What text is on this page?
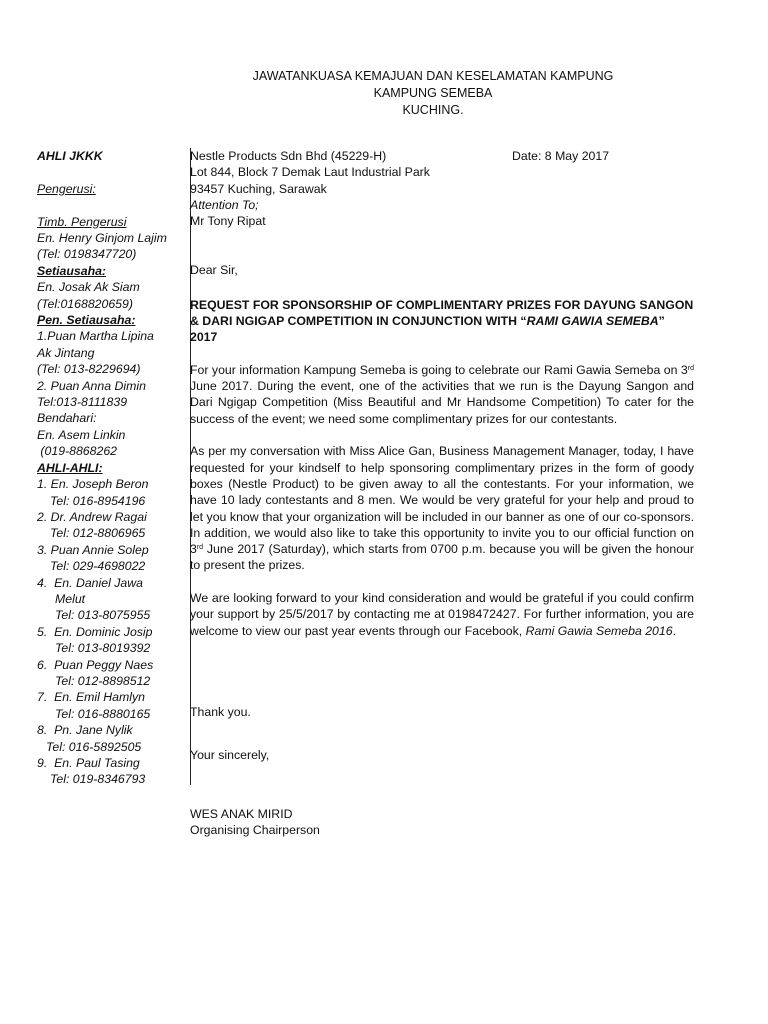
JAWATANKUASA KEMAJUAN DAN KESELAMATAN KAMPUNG
KAMPUNG SEMEBA
KUCHING.
AHLI JKKK
Pengerusi:
Timb. Pengerusi
En. Henry Ginjom Lajim
(Tel: 0198347720)
Setiausaha:
En. Josak Ak Siam
(Tel:0168820659)
Pen. Setiausaha:
1.Puan Martha Lipina
Ak Jintang
(Tel: 013-8229694)
2. Puan Anna Dimin
Tel:013-8111839
Bendahari:
En. Asem Linkin
(019-8868262
AHLI-AHLI:
1. En. Joseph Beron
Tel: 016-8954196
2. Dr. Andrew Ragai
Tel: 012-8806965
3. Puan Annie Solep
Tel: 029-4698022
4.  En. Daniel Jawa
Melut
Tel: 013-8075955
5.  En. Dominic Josip
Tel: 013-8019392
6.  Puan Peggy Naes
Tel: 012-8898512
7.  En. Emil Hamlyn
Tel: 016-8880165
8.  Pn. Jane Nylik
Tel: 016-5892505
9.  En. Paul Tasing
Tel: 019-8346793
Nestle Products Sdn Bhd (45229-H)	Date: 8 May 2017
Lot 844, Block 7 Demak Laut Industrial Park
93457 Kuching, Sarawak
Attention To;
Mr Tony Ripat
Dear Sir,
REQUEST FOR SPONSORSHIP OF COMPLIMENTARY PRIZES FOR DAYUNG SANGON & DARI NGIGAP COMPETITION IN CONJUNCTION WITH “RAMI GAWIA SEMEBA” 2017
For your information Kampung Semeba is going to celebrate our Rami Gawia Semeba on 3rd June 2017. During the event, one of the activities that we run is the Dayung Sangon and Dari Ngigap Competition (Miss Beautiful and Mr Handsome Competition) To cater for the success of the event; we need some complimentary prizes for our contestants.
As per my conversation with Miss Alice Gan, Business Management Manager, today, I have requested for your kindself to help sponsoring complimentary prizes in the form of goody boxes (Nestle Product) to be given away to all the contestants. For your information, we have 10 lady contestants and 8 men. We would be very grateful for your help and proud to let you know that your organization will be included in our banner as one of our co-sponsors. In addition, we would also like to take this opportunity to invite you to our official function on 3rd June 2017 (Saturday), which starts from 0700 p.m. because you will be given the honour to present the prizes.
We are looking forward to your kind consideration and would be grateful if you could confirm your support by 25/5/2017 by contacting me at 0198472427. For further information, you are welcome to view our past year events through our Facebook, Rami Gawia Semeba 2016.
Thank you.
Your sincerely,
WES ANAK MIRID
Organising Chairperson
